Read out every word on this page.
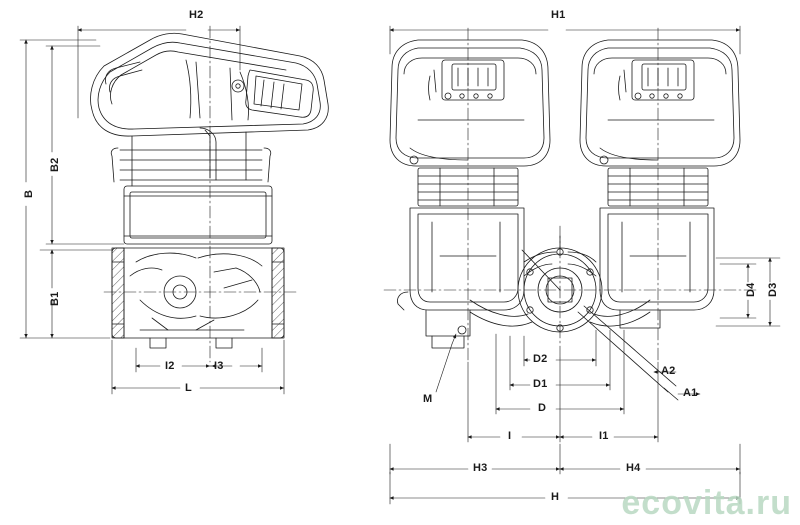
H2
B
B2
B1
I2	I3
L
H1
D4 D3
A2
A1
M
D2
D1
D
I	I1
H3	H4
H ecovita.ru
